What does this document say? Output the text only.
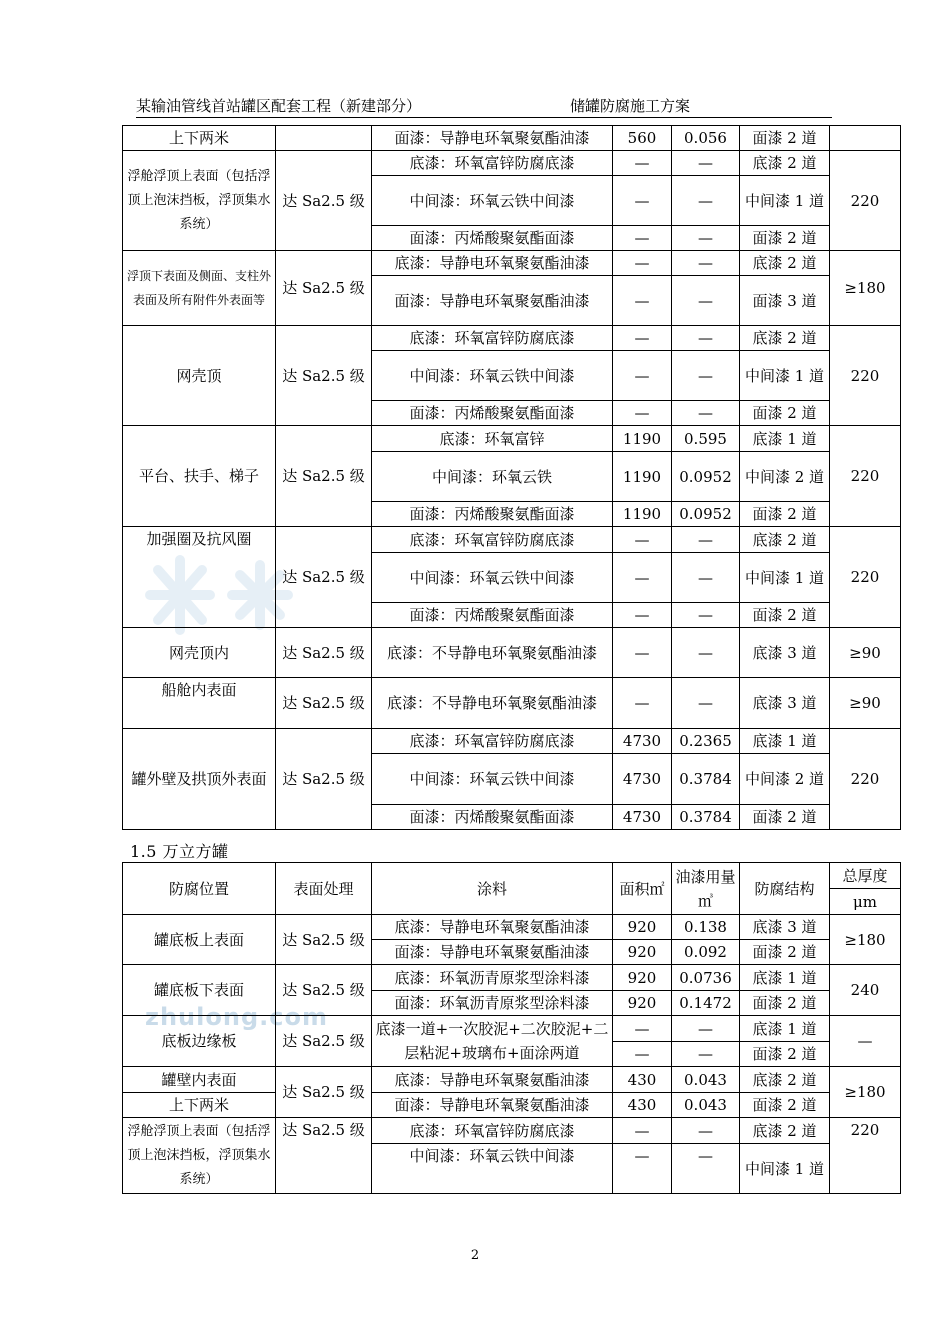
某输油管线首站罐区配套工程（新建部分）	储罐防腐施工方案
zhulong.com
上下两米		面漆：导静电环氧聚氨酯油漆	560	0.056	面漆 2 道	
浮舱浮顶上表面（包括浮顶上泡沫挡板，浮顶集水系统）	达 Sa2.5 级	底漆：环氧富锌防腐底漆	—	—	底漆 2 道	220
		中间漆：环氧云铁中间漆	—	—	中间漆 1 道	
		面漆：丙烯酸聚氨酯面漆	—	—	面漆 2 道	
浮顶下表面及侧面、支柱外表面及所有附件外表面等	达 Sa2.5 级	底漆：导静电环氧聚氨酯油漆	—	—	底漆 2 道	≥180
		面漆：导静电环氧聚氨酯油漆	—	—	面漆 3 道	
网壳顶	达 Sa2.5 级	底漆：环氧富锌防腐底漆	—	—	底漆 2 道	220
		中间漆：环氧云铁中间漆	—	—	中间漆 1 道	
		面漆：丙烯酸聚氨酯面漆	—	—	面漆 2 道	
平台、扶手、梯子	达 Sa2.5 级	底漆：环氧富锌	1190	0.595	底漆 1 道	220
		中间漆：环氧云铁	1190	0.0952	中间漆 2 道	
		面漆：丙烯酸聚氨酯面漆	1190	0.0952	面漆 2 道	
加强圈及抗风圈	达 Sa2.5 级	底漆：环氧富锌防腐底漆	—	—	底漆 2 道	220
		中间漆：环氧云铁中间漆	—	—	中间漆 1 道	
		面漆：丙烯酸聚氨酯面漆	—	—	面漆 2 道	
网壳顶内	达 Sa2.5 级	底漆：不导静电环氧聚氨酯油漆	—	—	底漆 3 道	≥90
船舱内表面	达 Sa2.5 级	底漆：不导静电环氧聚氨酯油漆	—	—	底漆 3 道	≥90
罐外壁及拱顶外表面	达 Sa2.5 级	底漆：环氧富锌防腐底漆	4730	0.2365	底漆 1 道	220
		中间漆：环氧云铁中间漆	4730	0.3784	中间漆 2 道	
		面漆：丙烯酸聚氨酯面漆	4730	0.3784	面漆 2 道	
1.5 万立方罐
防腐位置	表面处理	涂料	面积㎡	油漆用量㎥	防腐结构	总厚度
						μm
罐底板上表面	达 Sa2.5 级	底漆：导静电环氧聚氨酯油漆	920	0.138	底漆 3 道	≥180
		面漆：导静电环氧聚氨酯油漆	920	0.092	面漆 2 道	
罐底板下表面	达 Sa2.5 级	底漆：环氧沥青原浆型涂料漆	920	0.0736	底漆 1 道	240
		面漆：环氧沥青原浆型涂料漆	920	0.1472	面漆 2 道	
底板边缘板	达 Sa2.5 级	底漆一道+一次胶泥+二次胶泥+二层粘泥+玻璃布+面涂两道	—	—	底漆 1 道	—
			—	—	面漆 2 道	
罐壁内表面	达 Sa2.5 级	底漆：导静电环氧聚氨酯油漆	430	0.043	底漆 2 道	≥180
上下两米		面漆：导静电环氧聚氨酯油漆	430	0.043	面漆 2 道	
浮舱浮顶上表面（包括浮顶上泡沫挡板，浮顶集水系统）	达 Sa2.5 级	底漆：环氧富锌防腐底漆	—	—	底漆 2 道	220
		中间漆：环氧云铁中间漆	—	—	中间漆 1 道	
2
